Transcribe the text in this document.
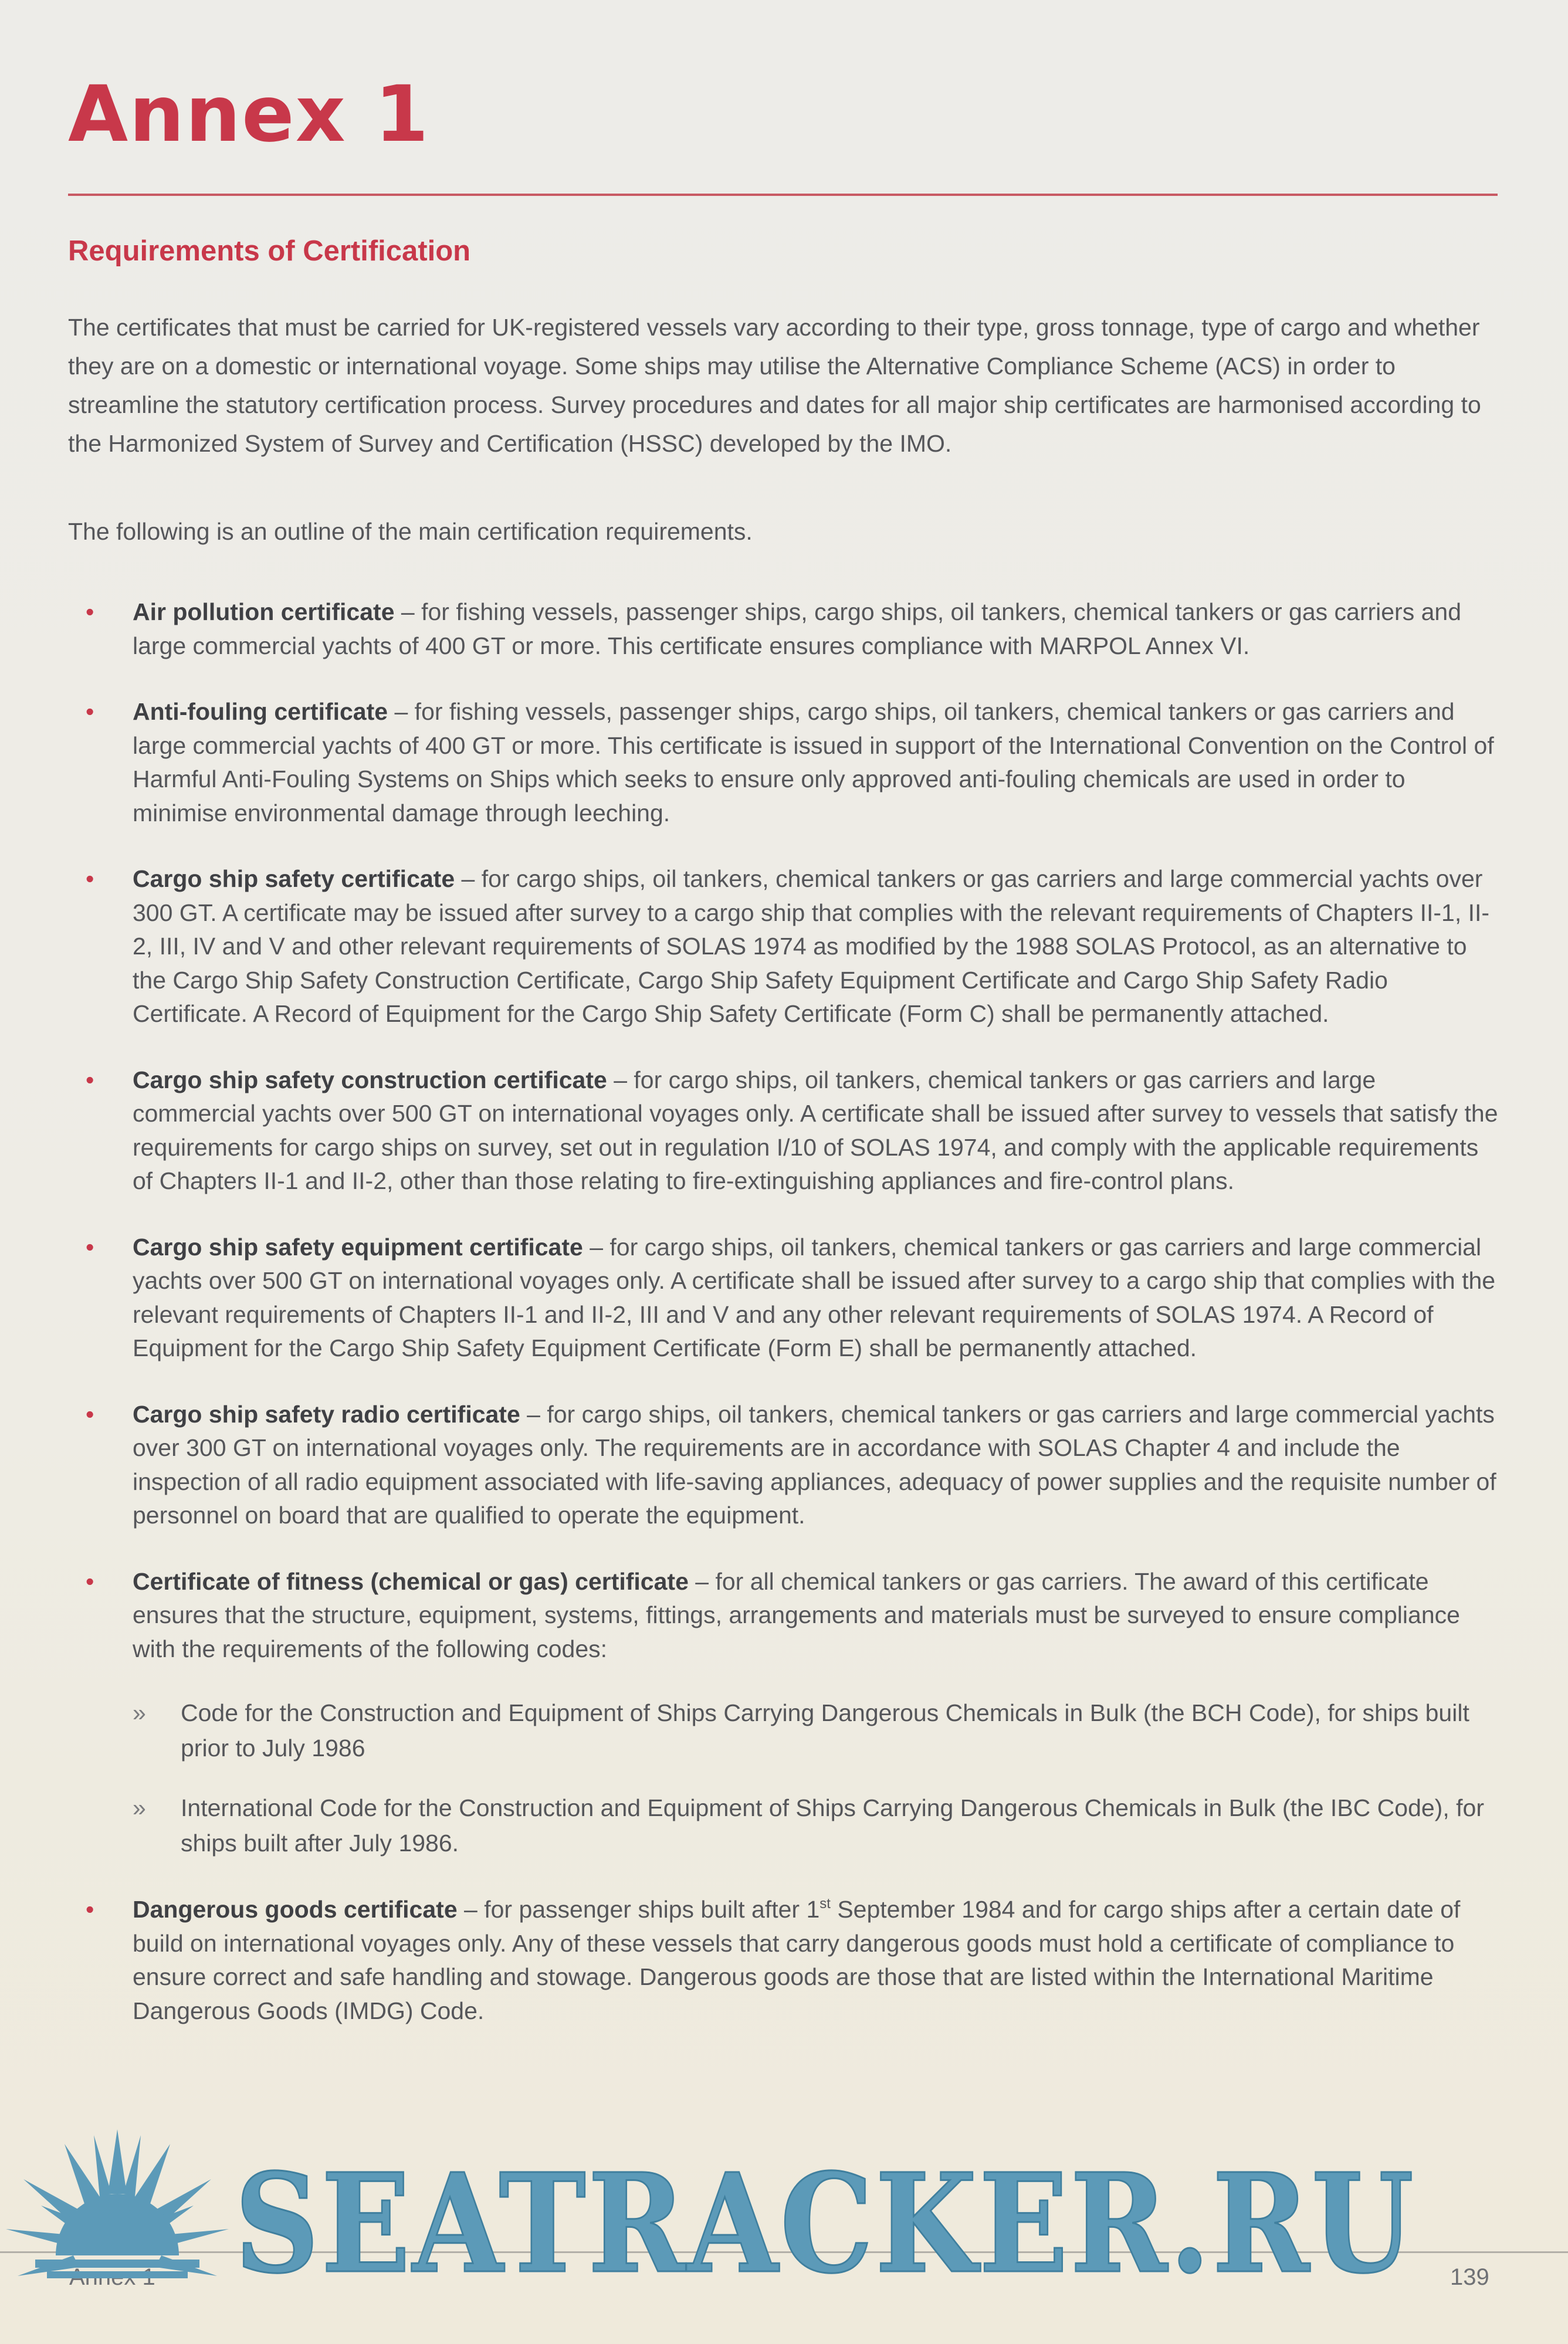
Annex 1
Requirements of Certification

The certificates that must be carried for UK-registered vessels vary according to their type, gross tonnage, type of cargo and whether they are on a domestic or international voyage. Some ships may utilise the Alternative Compliance Scheme (ACS) in order to streamline the statutory certification process. Survey procedures and dates for all major ship certificates are harmonised according to the Harmonized System of Survey and Certification (HSSC) developed by the IMO.

The following is an outline of the main certification requirements.

• Air pollution certificate – for fishing vessels, passenger ships, cargo ships, oil tankers, chemical tankers or gas carriers and large commercial yachts of 400 GT or more. This certificate ensures compliance with MARPOL Annex VI.
• Anti-fouling certificate – for fishing vessels, passenger ships, cargo ships, oil tankers, chemical tankers or gas carriers and large commercial yachts of 400 GT or more. This certificate is issued in support of the International Convention on the Control of Harmful Anti-Fouling Systems on Ships which seeks to ensure only approved anti-fouling chemicals are used in order to minimise environmental damage through leeching.
• Cargo ship safety certificate – for cargo ships, oil tankers, chemical tankers or gas carriers and large commercial yachts over 300 GT. A certificate may be issued after survey to a cargo ship that complies with the relevant requirements of Chapters II-1, II-2, III, IV and V and other relevant requirements of SOLAS 1974 as modified by the 1988 SOLAS Protocol, as an alternative to the Cargo Ship Safety Construction Certificate, Cargo Ship Safety Equipment Certificate and Cargo Ship Safety Radio Certificate. A Record of Equipment for the Cargo Ship Safety Certificate (Form C) shall be permanently attached.
• Cargo ship safety construction certificate – for cargo ships, oil tankers, chemical tankers or gas carriers and large commercial yachts over 500 GT on international voyages only. A certificate shall be issued after survey to vessels that satisfy the requirements for cargo ships on survey, set out in regulation I/10 of SOLAS 1974, and comply with the applicable requirements of Chapters II-1 and II-2, other than those relating to fire-extinguishing appliances and fire-control plans.
• Cargo ship safety equipment certificate – for cargo ships, oil tankers, chemical tankers or gas carriers and large commercial yachts over 500 GT on international voyages only. A certificate shall be issued after survey to a cargo ship that complies with the relevant requirements of Chapters II-1 and II-2, III and V and any other relevant requirements of SOLAS 1974. A Record of Equipment for the Cargo Ship Safety Equipment Certificate (Form E) shall be permanently attached.
• Cargo ship safety radio certificate – for cargo ships, oil tankers, chemical tankers or gas carriers and large commercial yachts over 300 GT on international voyages only. The requirements are in accordance with SOLAS Chapter 4 and include the inspection of all radio equipment associated with life-saving appliances, adequacy of power supplies and the requisite number of personnel on board that are qualified to operate the equipment.
• Certificate of fitness (chemical or gas) certificate – for all chemical tankers or gas carriers. The award of this certificate ensures that the structure, equipment, systems, fittings, arrangements and materials must be surveyed to ensure compliance with the requirements of the following codes:
» Code for the Construction and Equipment of Ships Carrying Dangerous Chemicals in Bulk (the BCH Code), for ships built prior to July 1986
» International Code for the Construction and Equipment of Ships Carrying Dangerous Chemicals in Bulk (the IBC Code), for ships built after July 1986.
• Dangerous goods certificate – for passenger ships built after 1st September 1984 and for cargo ships after a certain date of build on international voyages only. Any of these vessels that carry dangerous goods must hold a certificate of compliance to ensure correct and safe handling and stowage. Dangerous goods are those that are listed within the International Maritime Dangerous Goods (IMDG) Code.
139
SEATRACKER.RU
